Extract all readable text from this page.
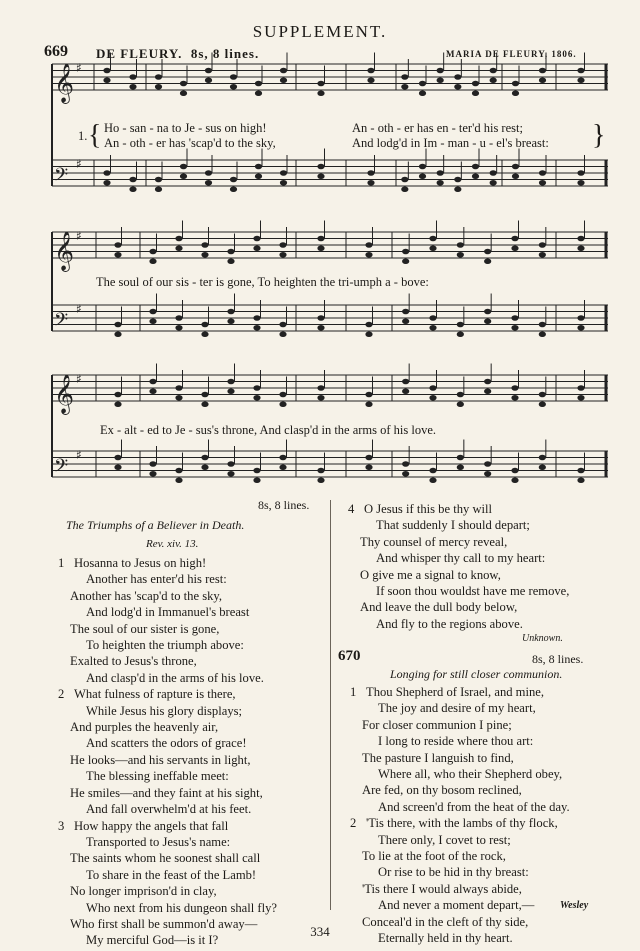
SUPPLEMENT.
669 DE FLEURY. 8s, 8 lines.	MARIA DE FLEURY, 1806.
𝄞 ♯
𝄢
♯
𝄞 ♯
𝄢
♯
𝄞 ♯
𝄢
♯
1. { Ho - san - na to Je - sus on high!	An - oth - er has en - ter'd his rest;
An - oth - er has 'scap'd to the sky,	And lodg'd in Im - man - u - el's breast: }
The soul of our sis - ter is gone, To heighten the tri-umph a - bove:
Ex - alt - ed to Je - sus's throne, And clasp'd in the arms of his love.
8s, 8 lines.
The Triumphs of a Believer in Death.
Rev. xiv. 13.
1 Hosanna to Jesus on high!
Another has enter'd his rest:
Another has 'scap'd to the sky,
And lodg'd in Immanuel's breast
The soul of our sister is gone,
To heighten the triumph above:
Exalted to Jesus's throne,
And clasp'd in the arms of his love.
2 What fulness of rapture is there,
While Jesus his glory displays;
And purples the heavenly air,
And scatters the odors of grace!
He looks—and his servants in light,
The blessing ineffable meet:
He smiles—and they faint at his sight,
And fall overwhelm'd at his feet.
3 How happy the angels that fall
Transported to Jesus's name:
The saints whom he soonest shall call
To share in the feast of the Lamb!
No longer imprison'd in clay,
Who next from his dungeon shall fly?
Who first shall be summon'd away—
My merciful God—is it I?
4 O Jesus if this be thy will
That suddenly I should depart;
Thy counsel of mercy reveal,
And whisper thy call to my heart:
O give me a signal to know,
If soon thou wouldst have me remove,
And leave the dull body below,
And fly to the regions above.
Unknown.
670	8s, 8 lines.
Longing for still closer communion.
1 Thou Shepherd of Israel, and mine,
The joy and desire of my heart,
For closer communion I pine;
I long to reside where thou art:
The pasture I languish to find,
Where all, who their Shepherd obey,
Are fed, on thy bosom reclined,
And screen'd from the heat of the day.
2 'Tis there, with the lambs of thy flock,
There only, I covet to rest;
To lie at the foot of the rock,
Or rise to be hid in thy breast:
'Tis there I would always abide,
And never a moment depart,—
Conceal'd in the cleft of thy side,
Eternally held in thy heart.
Wesley
334
